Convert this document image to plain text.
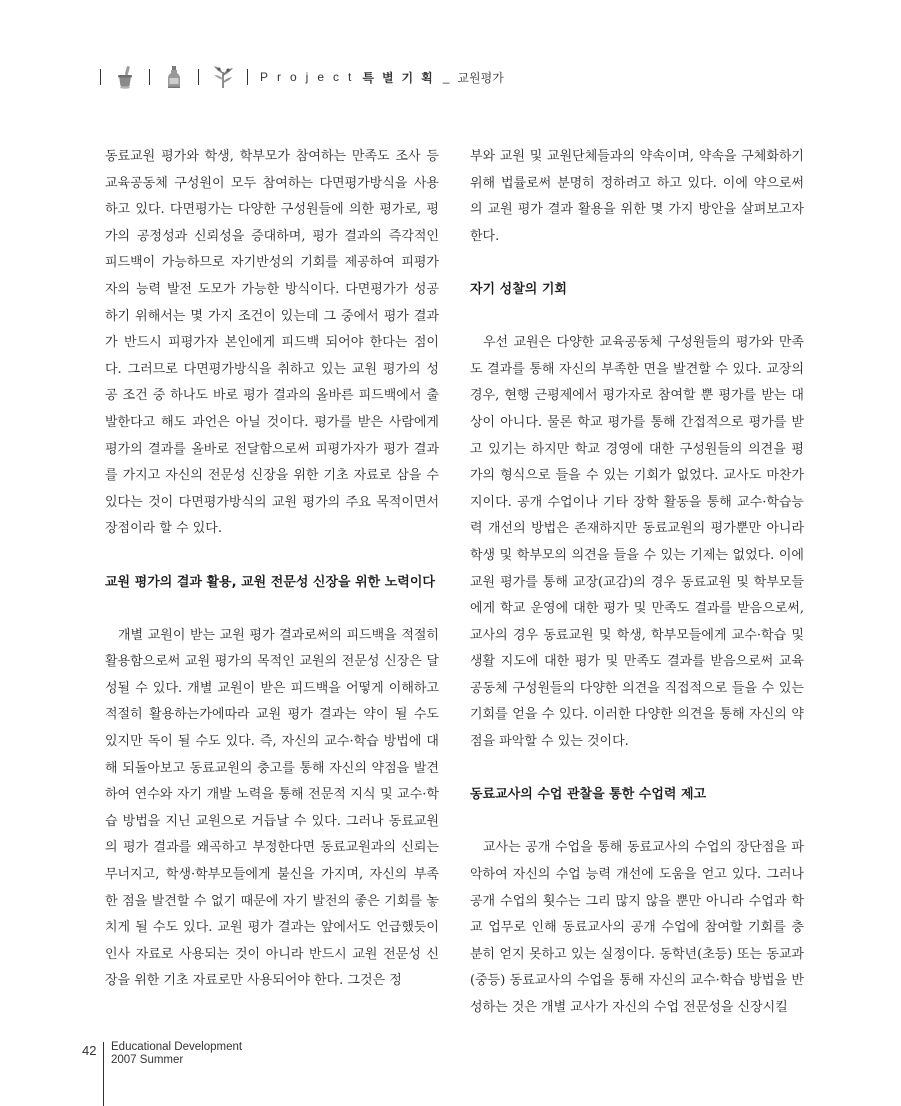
Project 특별기획 _ 교원평가

동료교원 평가와 학생, 학부모가 참여하는 만족도 조사 등 교육공동체 구성원이 모두 참여하는 다면평가방식을 사용하고 있다. 다면평가는 다양한 구성원들에 의한 평가로, 평가의 공정성과 신뢰성을 증대하며, 평가 결과의 즉각적인 피드백이 가능하므로 자기반성의 기회를 제공하여 피평가자의 능력 발전 도모가 가능한 방식이다. 다면평가가 성공하기 위해서는 몇 가지 조건이 있는데 그 중에서 평가 결과가 반드시 피평가자 본인에게 피드백 되어야 한다는 점이다. 그러므로 다면평가방식을 취하고 있는 교원 평가의 성공 조건 중 하나도 바로 평가 결과의 올바른 피드백에서 출발한다고 해도 과언은 아닐 것이다. 평가를 받은 사람에게 평가의 결과를 올바로 전달함으로써 피평가자가 평가 결과를 가지고 자신의 전문성 신장을 위한 기초 자료로 삼을 수 있다는 것이 다면평가방식의 교원 평가의 주요 목적이면서 장점이라 할 수 있다.

교원 평가의 결과 활용, 교원 전문성 신장을 위한 노력이다

개별 교원이 받는 교원 평가 결과로써의 피드백을 적절히 활용함으로써 교원 평가의 목적인 교원의 전문성 신장은 달성될 수 있다. 개별 교원이 받은 피드백을 어떻게 이해하고 적절히 활용하는가에따라 교원 평가 결과는 약이 될 수도 있지만 독이 될 수도 있다. 즉, 자신의 교수·학습 방법에 대해 되돌아보고 동료교원의 충고를 통해 자신의 약점을 발견하여 연수와 자기 개발 노력을 통해 전문적 지식 및 교수·학습 방법을 지닌 교원으로 거듭날 수 있다. 그러나 동료교원의 평가 결과를 왜곡하고 부정한다면 동료교원과의 신뢰는 무너지고, 학생·학부모들에게 불신을 가지며, 자신의 부족한 점을 발견할 수 없기 때문에 자기 발전의 좋은 기회를 놓치게 될 수도 있다. 교원 평가 결과는 앞에서도 언급했듯이 인사 자료로 사용되는 것이 아니라 반드시 교원 전문성 신장을 위한 기초 자료로만 사용되어야 한다. 그것은 정

부와 교원 및 교원단체들과의 약속이며, 약속을 구체화하기 위해 법률로써 분명히 정하려고 하고 있다. 이에 약으로써의 교원 평가 결과 활용을 위한 몇 가지 방안을 살펴보고자 한다.

자기 성찰의 기회

우선 교원은 다양한 교육공동체 구성원들의 평가와 만족도 결과를 통해 자신의 부족한 면을 발견할 수 있다. 교장의 경우, 현행 근평제에서 평가자로 참여할 뿐 평가를 받는 대상이 아니다. 물론 학교 평가를 통해 간접적으로 평가를 받고 있기는 하지만 학교 경영에 대한 구성원들의 의견을 평가의 형식으로 들을 수 있는 기회가 없었다. 교사도 마찬가지이다. 공개 수업이나 기타 장학 활동을 통해 교수·학습능력 개선의 방법은 존재하지만 동료교원의 평가뿐만 아니라 학생 및 학부모의 의견을 들을 수 있는 기제는 없었다. 이에 교원 평가를 통해 교장(교감)의 경우 동료교원 및 학부모들에게 학교 운영에 대한 평가 및 만족도 결과를 받음으로써, 교사의 경우 동료교원 및 학생, 학부모들에게 교수·학습 및 생활 지도에 대한 평가 및 만족도 결과를 받음으로써 교육공동체 구성원들의 다양한 의견을 직접적으로 들을 수 있는 기회를 얻을 수 있다. 이러한 다양한 의견을 통해 자신의 약점을 파악할 수 있는 것이다.

동료교사의 수업 관찰을 통한 수업력 제고

교사는 공개 수업을 통해 동료교사의 수업의 장단점을 파악하여 자신의 수업 능력 개선에 도움을 얻고 있다. 그러나 공개 수업의 횟수는 그리 많지 않을 뿐만 아니라 수업과 학교 업무로 인해 동료교사의 공개 수업에 참여할 기회를 충분히 얻지 못하고 있는 실정이다. 동학년(초등) 또는 동교과(중등) 동료교사의 수업을 통해 자신의 교수·학습 방법을 반성하는 것은 개별 교사가 자신의 수업 전문성을 신장시킬

42 Educational Development
2007 Summer
